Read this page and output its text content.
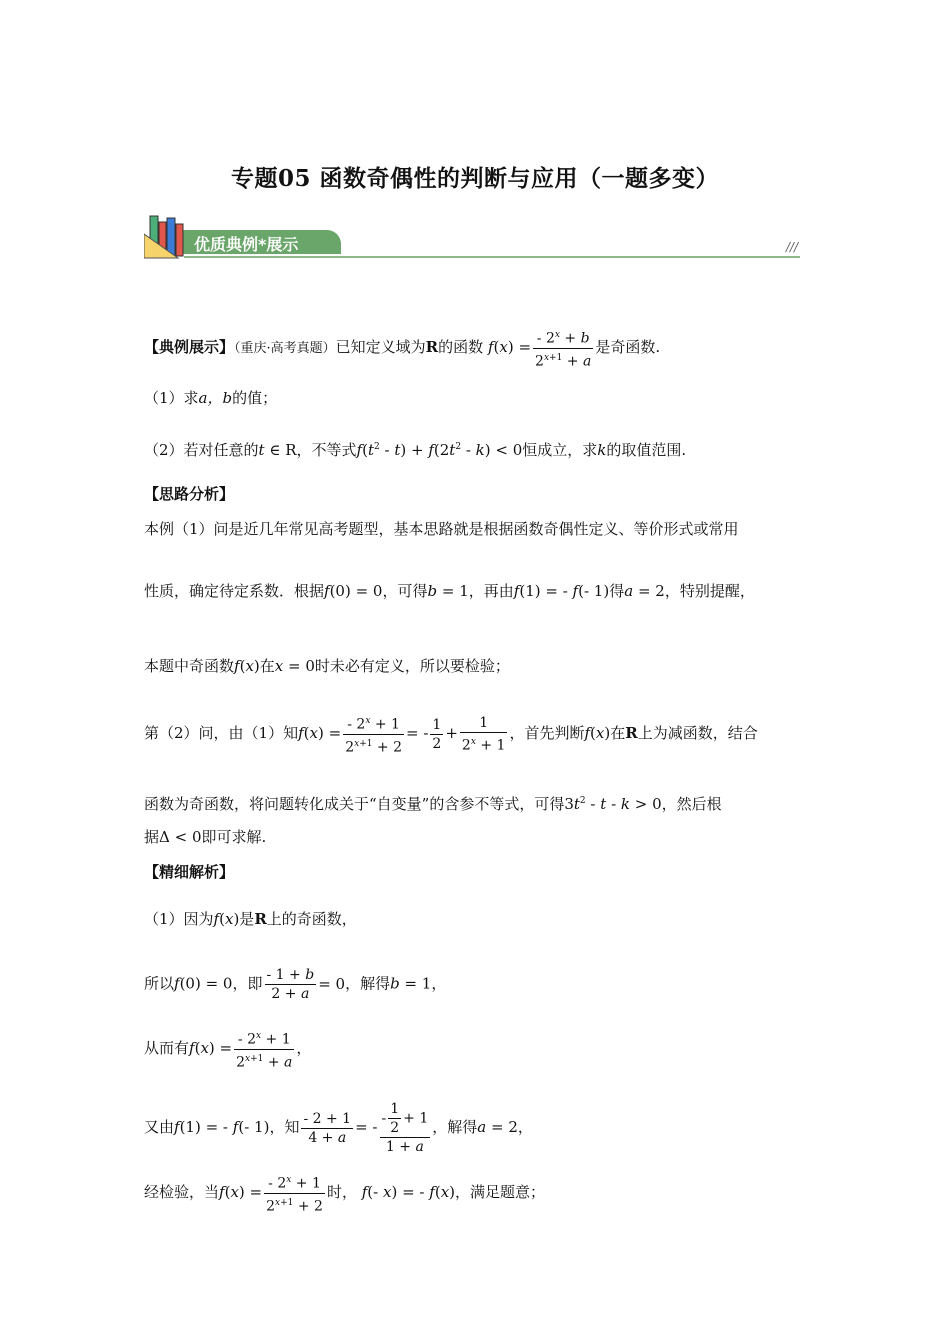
专题05 函数奇偶性的判断与应用（一题多变）
优质典例*展示	///
【典例展示】（重庆·高考真题）已知定义域为R的函数 $f(x) = \frac{- 2^x + b}{2^{x+1} + a}$ 是奇函数.
（1）求a，b的值；
（2）若对任意的t ∈ R，不等式$f(t^2 - t) + f(2t^2 - k) < 0$恒成立，求k的取值范围.
【思路分析】
本例（1）问是近几年常见高考题型，基本思路就是根据函数奇偶性定义、等价形式或常用
性质，确定待定系数．根据f(0) = 0，可得b = 1，再由f(1) = - f(- 1)得a = 2，特别提醒，
本题中奇函数f(x)在x = 0时未必有定义，所以要检验；
第（2）问，由（1）知$f(x) = \frac{- 2^x + 1}{2^{x+1} + 2}$ = - $\frac{1}{2} + \frac{1}{2^x + 1}$ ，首先判断f(x)在R上为减函数，结合
函数为奇函数，将问题转化成关于“自变量”的含参不等式，可得$3t^2 - t - k > 0$，然后根
据Δ < 0即可求解.
【精细解析】
（1）因为f(x)是R上的奇函数，
所以f(0) = 0，即 $\frac{- 1 + b}{2 + a} = 0$，解得b = 1，
从而有$f(x) = \frac{- 2^x + 1}{2^{x+1} + a}$ ，
又由f(1) = - f(- 1)，知 $\frac{- 2 + 1}{4 + a}$ = - $\frac{- \frac{1}{2} + 1}{1 + a}$ ，解得a = 2，
经检验，当$f(x) = \frac{- 2^x + 1}{2^{x+1} + 2}$ 时， f(- x) = - f(x)，满足题意；
